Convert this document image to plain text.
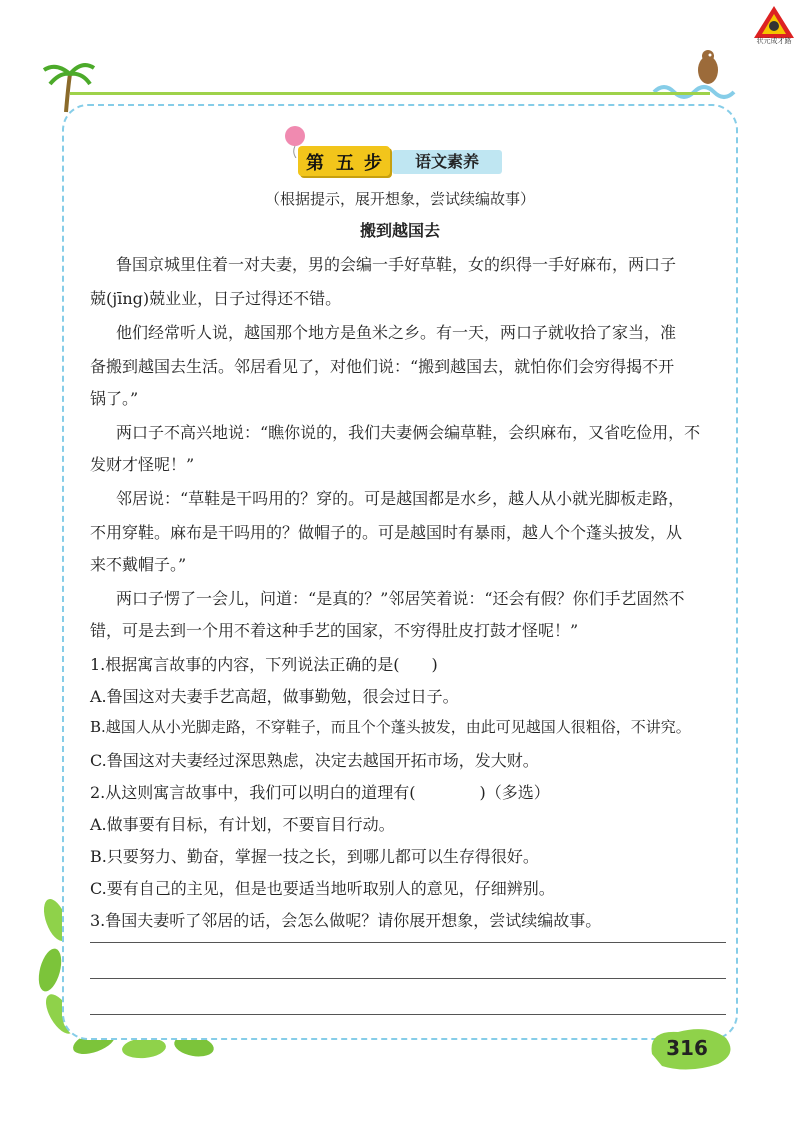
状元成才路
第 五 步	语文素养
（根据提示，展开想象，尝试续编故事）
搬到越国去
鲁国京城里住着一对夫妻，男的会编一手好草鞋，女的织得一手好麻布，两口子
兢(jīng)兢业业，日子过得还不错。
他们经常听人说，越国那个地方是鱼米之乡。有一天，两口子就收拾了家当，准
备搬到越国去生活。邻居看见了，对他们说：“搬到越国去，就怕你们会穷得揭不开
锅了。”
两口子不高兴地说：“瞧你说的，我们夫妻俩会编草鞋，会织麻布，又省吃俭用，不
发财才怪呢！”
邻居说：“草鞋是干吗用的？穿的。可是越国都是水乡，越人从小就光脚板走路，
不用穿鞋。麻布是干吗用的？做帽子的。可是越国时有暴雨，越人个个蓬头披发，从
来不戴帽子。”
两口子愣了一会儿，问道：“是真的？”邻居笑着说：“还会有假？你们手艺固然不
错，可是去到一个用不着这种手艺的国家，不穷得肚皮打鼓才怪呢！”
1.根据寓言故事的内容，下列说法正确的是(　　)
A.鲁国这对夫妻手艺高超，做事勤勉，很会过日子。
B.越国人从小光脚走路，不穿鞋子，而且个个蓬头披发，由此可见越国人很粗俗，不讲究。
C.鲁国这对夫妻经过深思熟虑，决定去越国开拓市场，发大财。
2.从这则寓言故事中，我们可以明白的道理有(　　　　)（多选）
A.做事要有目标，有计划，不要盲目行动。
B.只要努力、勤奋，掌握一技之长，到哪儿都可以生存得很好。
C.要有自己的主见，但是也要适当地听取别人的意见，仔细辨别。
3.鲁国夫妻听了邻居的话，会怎么做呢？请你展开想象，尝试续编故事。
316
